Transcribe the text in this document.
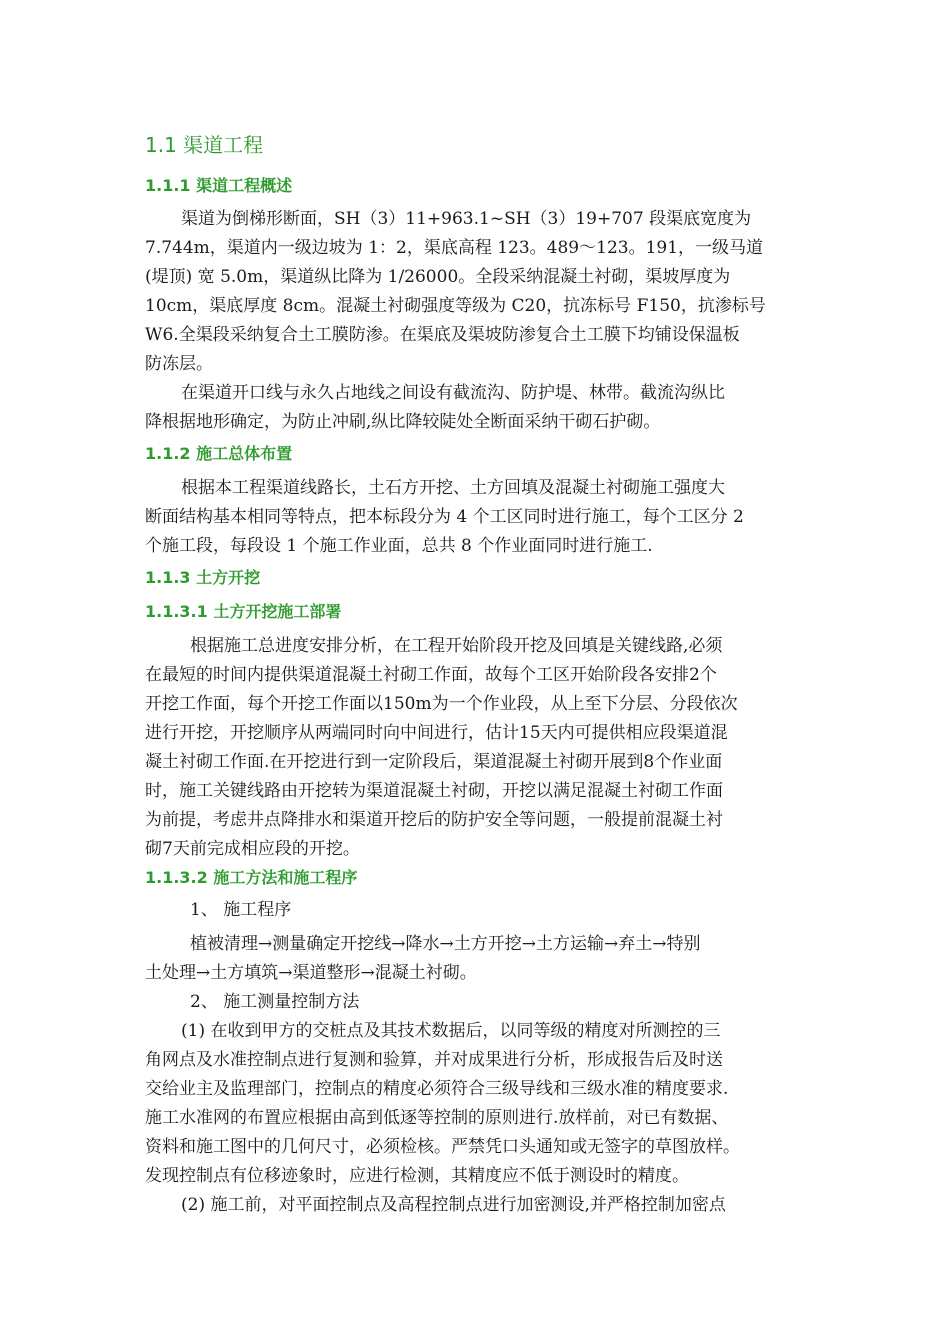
1.1 渠道工程
1.1.1 渠道工程概述
渠道为倒梯形断面，SH（3）11+963.1~SH（3）19+707 段渠底宽度为
7.744m，渠道内一级边坡为 1：2，渠底高程 123。489～123。191，一级马道
(堤顶) 宽 5.0m，渠道纵比降为 1/26000。全段采纳混凝土衬砌，渠坡厚度为
10cm，渠底厚度 8cm。混凝土衬砌强度等级为 C20，抗冻标号 F150，抗渗标号
W6.全渠段采纳复合土工膜防渗。在渠底及渠坡防渗复合土工膜下均铺设保温板
防冻层。
在渠道开口线与永久占地线之间设有截流沟、防护堤、林带。截流沟纵比
降根据地形确定，为防止冲刷,纵比降较陡处全断面采纳干砌石护砌。
1.1.2 施工总体布置
根据本工程渠道线路长，土石方开挖、土方回填及混凝土衬砌施工强度大
断面结构基本相同等特点，把本标段分为 4 个工区同时进行施工，每个工区分 2
个施工段，每段设 1 个施工作业面，总共 8 个作业面同时进行施工.
1.1.3 土方开挖
1.1.3.1 土方开挖施工部署
根据施工总进度安排分析，在工程开始阶段开挖及回填是关键线路,必须
在最短的时间内提供渠道混凝土衬砌工作面，故每个工区开始阶段各安排2个
开挖工作面，每个开挖工作面以150m为一个作业段，从上至下分层、分段依次
进行开挖，开挖顺序从两端同时向中间进行，估计15天内可提供相应段渠道混
凝土衬砌工作面.在开挖进行到一定阶段后，渠道混凝土衬砌开展到8个作业面
时，施工关键线路由开挖转为渠道混凝土衬砌，开挖以满足混凝土衬砌工作面
为前提，考虑井点降排水和渠道开挖后的防护安全等问题，一般提前混凝土衬
砌7天前完成相应段的开挖。
1.1.3.2 施工方法和施工程序
1、 施工程序
植被清理→测量确定开挖线→降水→土方开挖→土方运输→弃土→特别
土处理→土方填筑→渠道整形→混凝土衬砌。
2、 施工测量控制方法
(1) 在收到甲方的交桩点及其技术数据后，以同等级的精度对所测控的三
角网点及水准控制点进行复测和验算，并对成果进行分析，形成报告后及时送
交给业主及监理部门，控制点的精度必须符合三级导线和三级水准的精度要求.
施工水准网的布置应根据由高到低逐等控制的原则进行.放样前，对已有数据、
资料和施工图中的几何尺寸，必须检核。严禁凭口头通知或无签字的草图放样。
发现控制点有位移迹象时，应进行检测，其精度应不低于测设时的精度。
(2) 施工前，对平面控制点及高程控制点进行加密测设,并严格控制加密点
